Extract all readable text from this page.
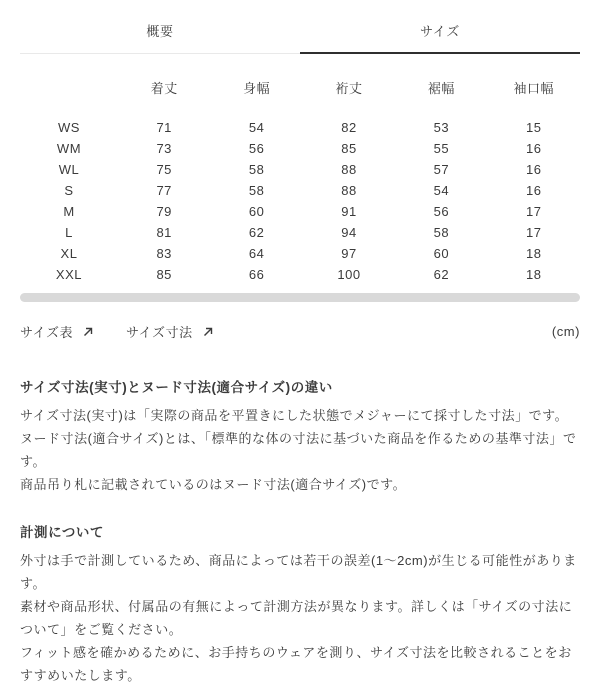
概要	サイズ
	着丈	身幅	裄丈	裾幅	袖口幅
WS	71	54	82	53	15
WM	73	56	85	55	16
WL	75	58	88	57	16
S	77	58	88	54	16
M	79	60	91	56	17
L	81	62	94	58	17
XL	83	64	97	60	18
XXL	85	66	100	62	18
サイズ表	サイズ寸法	(cm)
サイズ寸法(実寸)とヌード寸法(適合サイズ)の違い

サイズ寸法(実寸)は「実際の商品を平置きにした状態でメジャーにて採寸した寸法」です。

ヌード寸法(適合サイズ)とは、「標準的な体の寸法に基づいた商品を作るための基準寸法」です。

商品吊り札に記載されているのはヌード寸法(適合サイズ)です。

計測について

外寸は手で計測しているため、商品によっては若干の誤差(1〜2cm)が生じる可能性があります。

素材や商品形状、付属品の有無によって計測方法が異なります。詳しくは「サイズの寸法について」をご覧ください。

フィット感を確かめるために、お手持ちのウェアを測り、サイズ寸法を比較されることをおすすめいたします。
